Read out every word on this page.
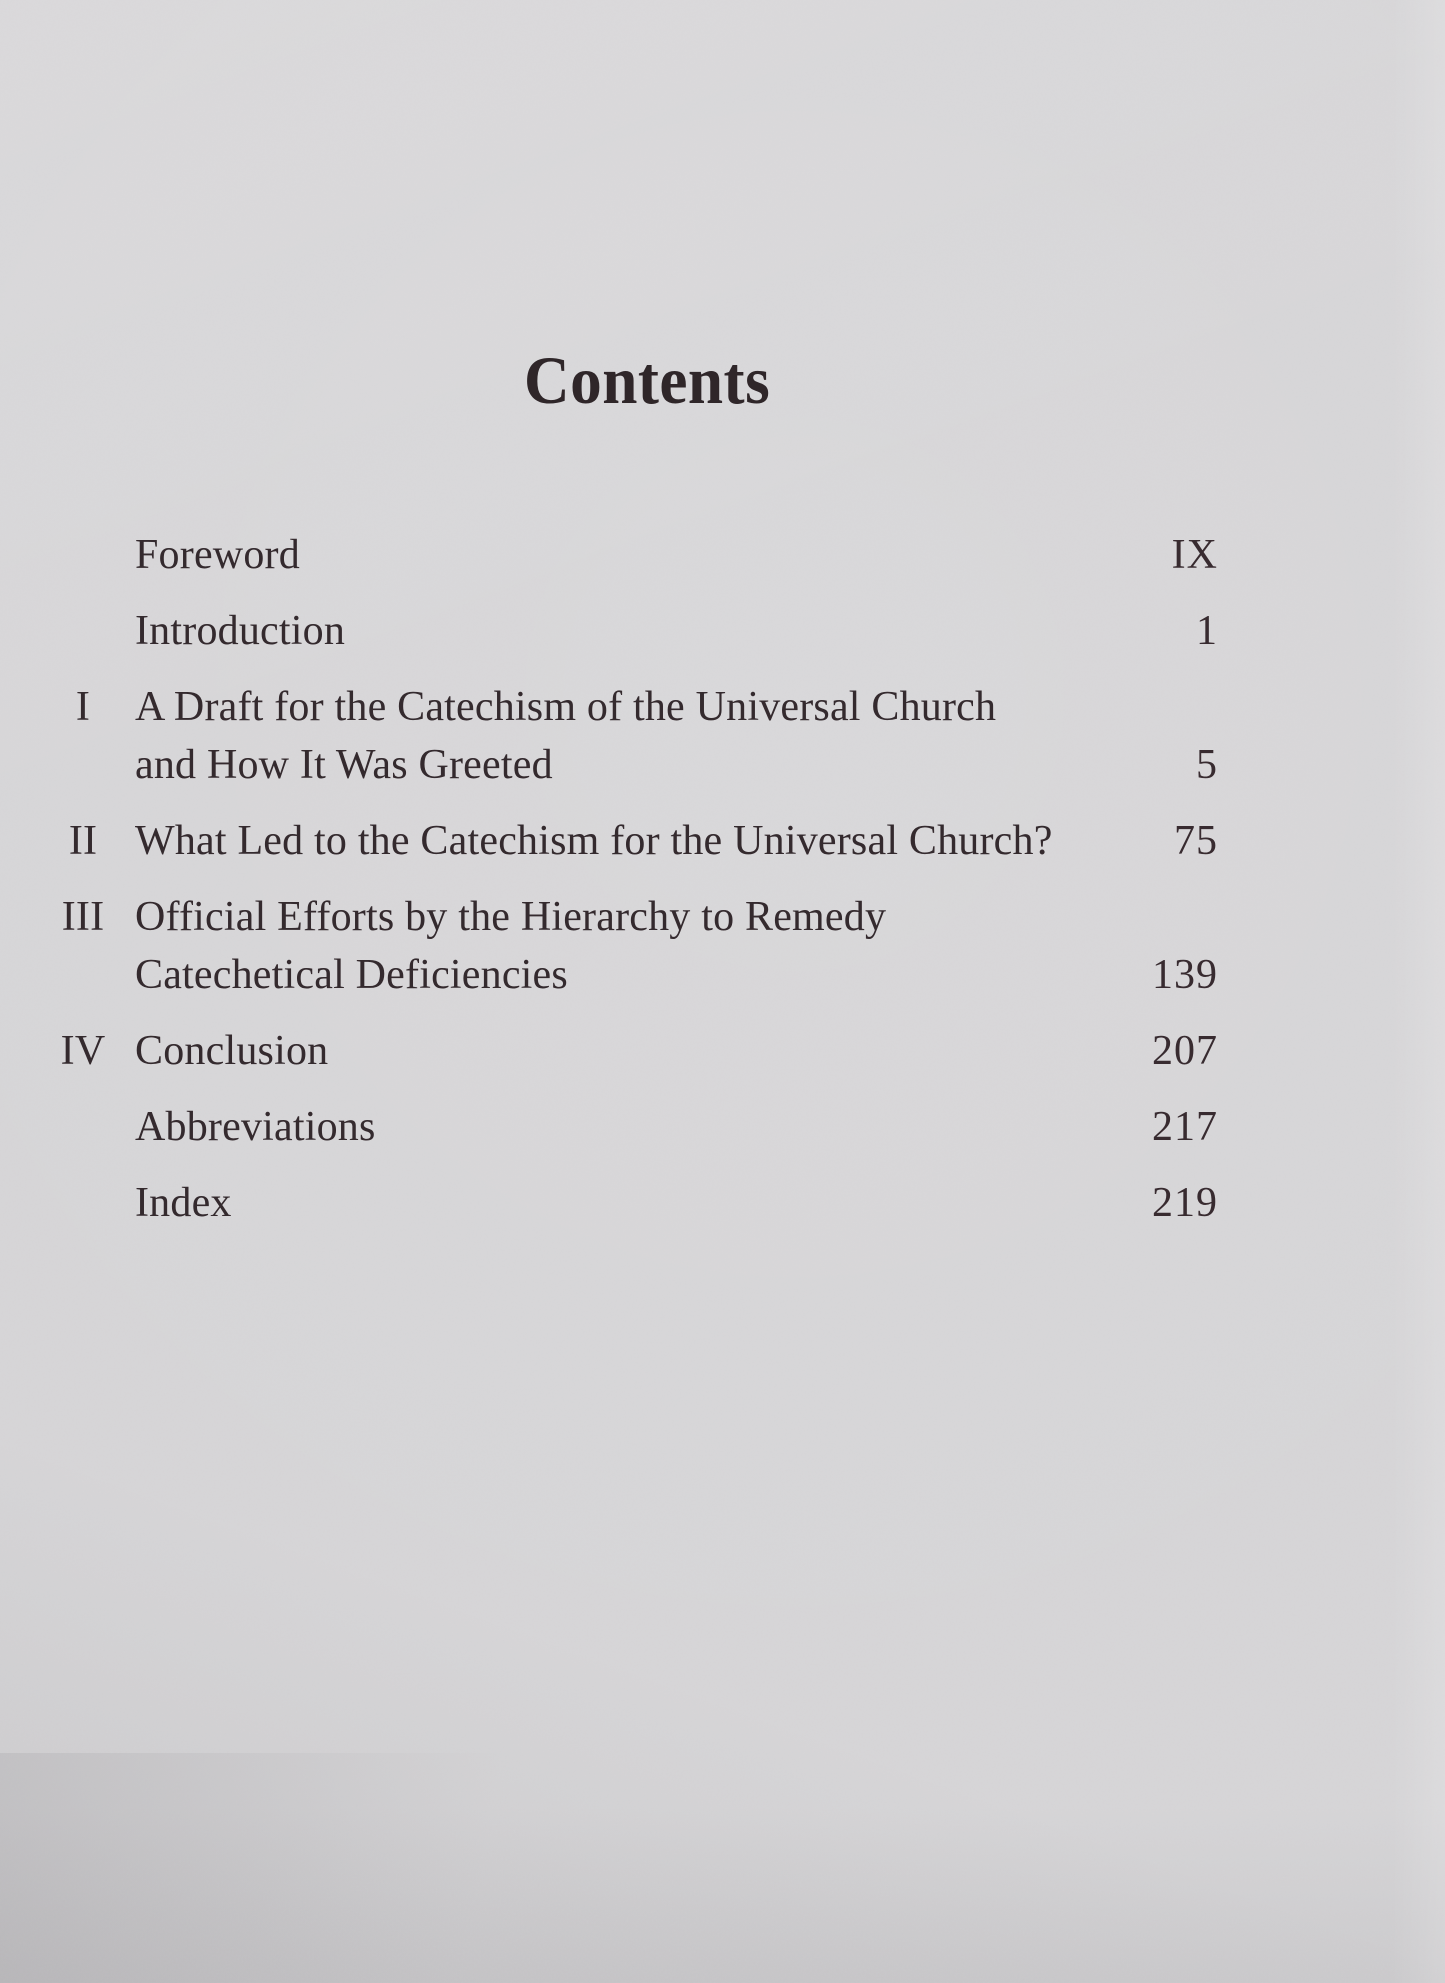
Contents
Foreword	IX
Introduction	1
I	A Draft for the Catechism of the Universal Church
and How It Was Greeted	5
II What Led to the Catechism for the Universal Church?	75
III Official Efforts by the Hierarchy to Remedy
Catechetical Deficiencies	139
IV Conclusion	207
Abbreviations	217
Index	219
